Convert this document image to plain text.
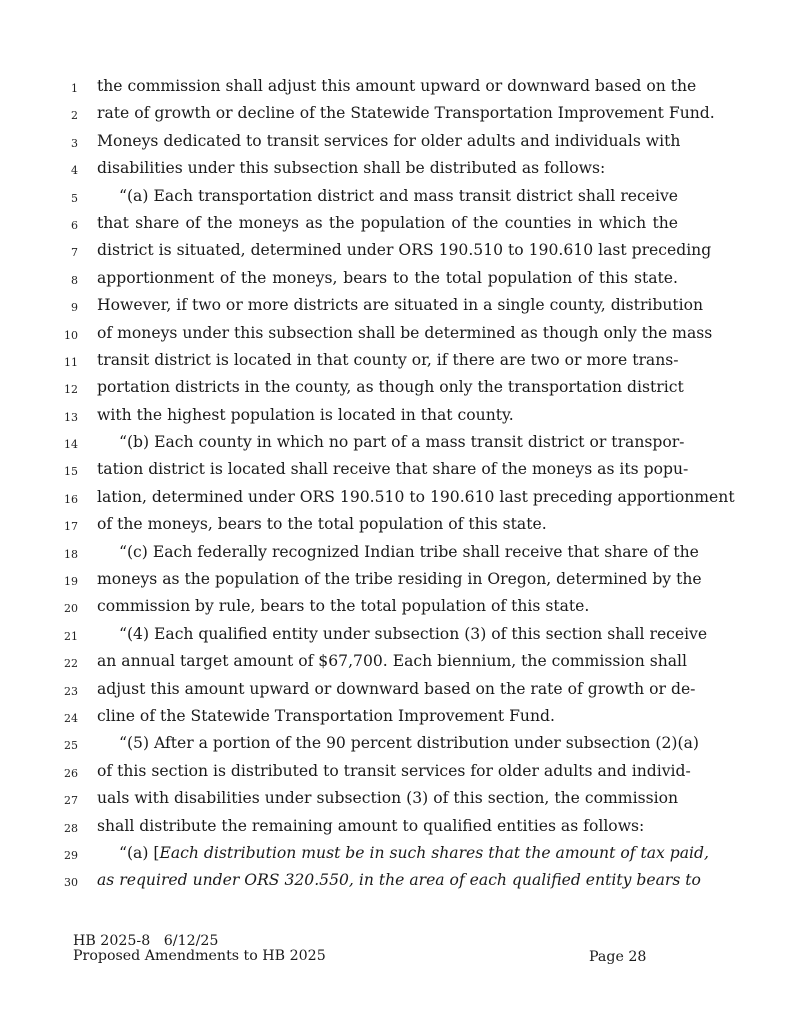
1 the commission shall adjust this amount upward or downward based on the
2 rate of growth or decline of the Statewide Transportation Improvement Fund.
3 Moneys dedicated to transit services for older adults and individuals with
4 disabilities under this subsection shall be distributed as follows:
5	“(a) Each transportation district and mass transit district shall receive
6 that share of the moneys as the population of the counties in which the
7 district is situated, determined under ORS 190.510 to 190.610 last preceding
8 apportionment of the moneys, bears to the total population of this state.
9 However, if two or more districts are situated in a single county, distribution
10 of moneys under this subsection shall be determined as though only the mass
11 transit district is located in that county or, if there are two or more trans-
12 portation districts in the county, as though only the transportation district
13 with the highest population is located in that county.
14	“(b) Each county in which no part of a mass transit district or transpor-
15 tation district is located shall receive that share of the moneys as its popu-
16 lation, determined under ORS 190.510 to 190.610 last preceding apportionment
17 of the moneys, bears to the total population of this state.
18	“(c) Each federally recognized Indian tribe shall receive that share of the
19 moneys as the population of the tribe residing in Oregon, determined by the
20 commission by rule, bears to the total population of this state.
21	“(4) Each qualified entity under subsection (3) of this section shall receive
22 an annual target amount of $67,700. Each biennium, the commission shall
23 adjust this amount upward or downward based on the rate of growth or de-
24 cline of the Statewide Transportation Improvement Fund.
25	“(5) After a portion of the 90 percent distribution under subsection (2)(a)
26 of this section is distributed to transit services for older adults and individ-
27 uals with disabilities under subsection (3) of this section, the commission
28 shall distribute the remaining amount to qualified entities as follows:
29	“(a) [Each distribution must be in such shares that the amount of tax paid,
30 as required under ORS 320.550, in the area of each qualified entity bears to
HB 2025-8   6/12/25
Proposed Amendments to HB 2025	Page 28
